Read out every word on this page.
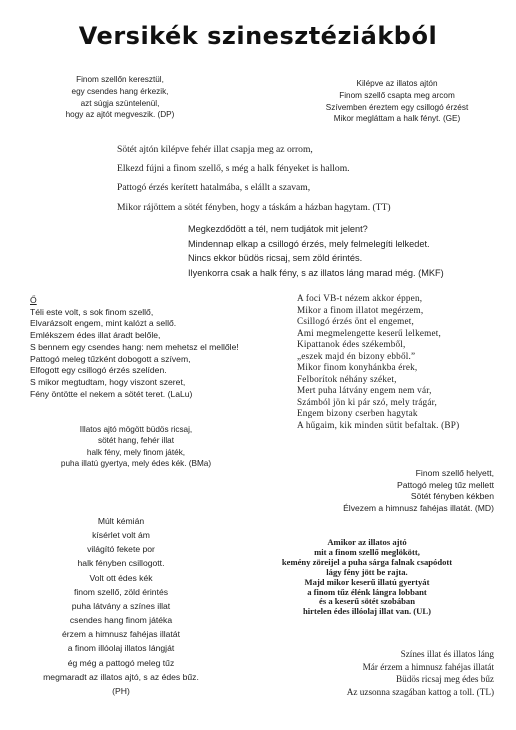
Versikék szinesztéziákból
Finom szellőn keresztül,
egy csendes hang érkezik,
azt súgja szüntelenül,
hogy az ajtót megveszik. (DP)
Kilépve az illatos ajtón
Finom szellő csapta meg arcom
Szívemben éreztem egy csillogó érzést
Mikor megláttam a halk fényt. (GE)
Sötét ajtón kilépve fehér illat csapja meg az orrom,
Elkezd fújni a finom szellő, s még a halk fényeket is hallom.
Pattogó érzés kerített hatalmába, s elállt a szavam,
Mikor rájöttem a sötét fényben, hogy a táskám a házban hagytam. (TT)
Megkezdődött a tél, nem tudjátok mit jelent?
Mindennap elkap a csillogó érzés, mely felmelegíti lelkedet.
Nincs ekkor büdös ricsaj, sem zöld érintés.
Ilyenkorra csak a halk fény, s az illatos láng marad még. (MKF)
Ő
Téli este volt, s sok finom szellő,
Elvarázsolt engem, mint kalózt a sellő.
Emlékszem édes illat áradt belőle,
S bennem egy csendes hang: nem mehetsz el mellőle!
Pattogó meleg tűzként dobogott a szívem,
Elfogott egy csillogó érzés szelíden.
S mikor megtudtam, hogy viszont szeret,
Fény öntötte el nekem a sötét teret. (LaLu)
A foci VB-t nézem akkor éppen,
Mikor a finom illatot megérzem,
Csillogó érzés önt el engemet,
Ami megmelengette keserű lelkemet,
Kipattanok édes székemből,
„eszek majd én bizony ebből.”
Mikor finom konyhánkba érek,
Felborítok néhány széket,
Mert puha látvány engem nem vár,
Számból jön ki pár szó, mely trágár,
Engem bizony cserben hagytak
A hűgaim, kik minden sütit befaltak. (BP)
Illatos ajtó mögött büdös ricsaj,
sötét hang, fehér illat
halk fény, mely finom játék,
puha illatú gyertya, mely édes kék. (BMa)
Finom szellő helyett,
Pattogó meleg tűz mellett
Sötét fényben kékben
Élvezem a himnusz fahéjas illatát. (MD)
Múlt kémián
kísérlet volt ám
világító fekete por
halk fényben csillogott.
Volt ott édes kék
finom szellő, zöld érintés
puha látvány a színes illat
csendes hang finom játéka
érzem a himnusz fahéjas illatát
a finom illóolaj illatos lángját
ég még a pattogó meleg tűz
megmaradt az illatos ajtó, s az édes bűz.
(PH)
Amikor az illatos ajtó
mit a finom szellő meglökött,
kemény zöreijel a puha sárga falnak csapódott
lágy fény jött be rajta.
Majd mikor keserű illatú gyertyát
a finom tűz élénk lángra lobbant
és a keserű sötét szobában
hirtelen édes illóolaj illat van. (UL)
Színes illat és illatos láng
Már érzem a himnusz fahéjas illatát
Büdös ricsaj meg édes bűz
Az uzsonna szagában kattog a toll. (TL)
